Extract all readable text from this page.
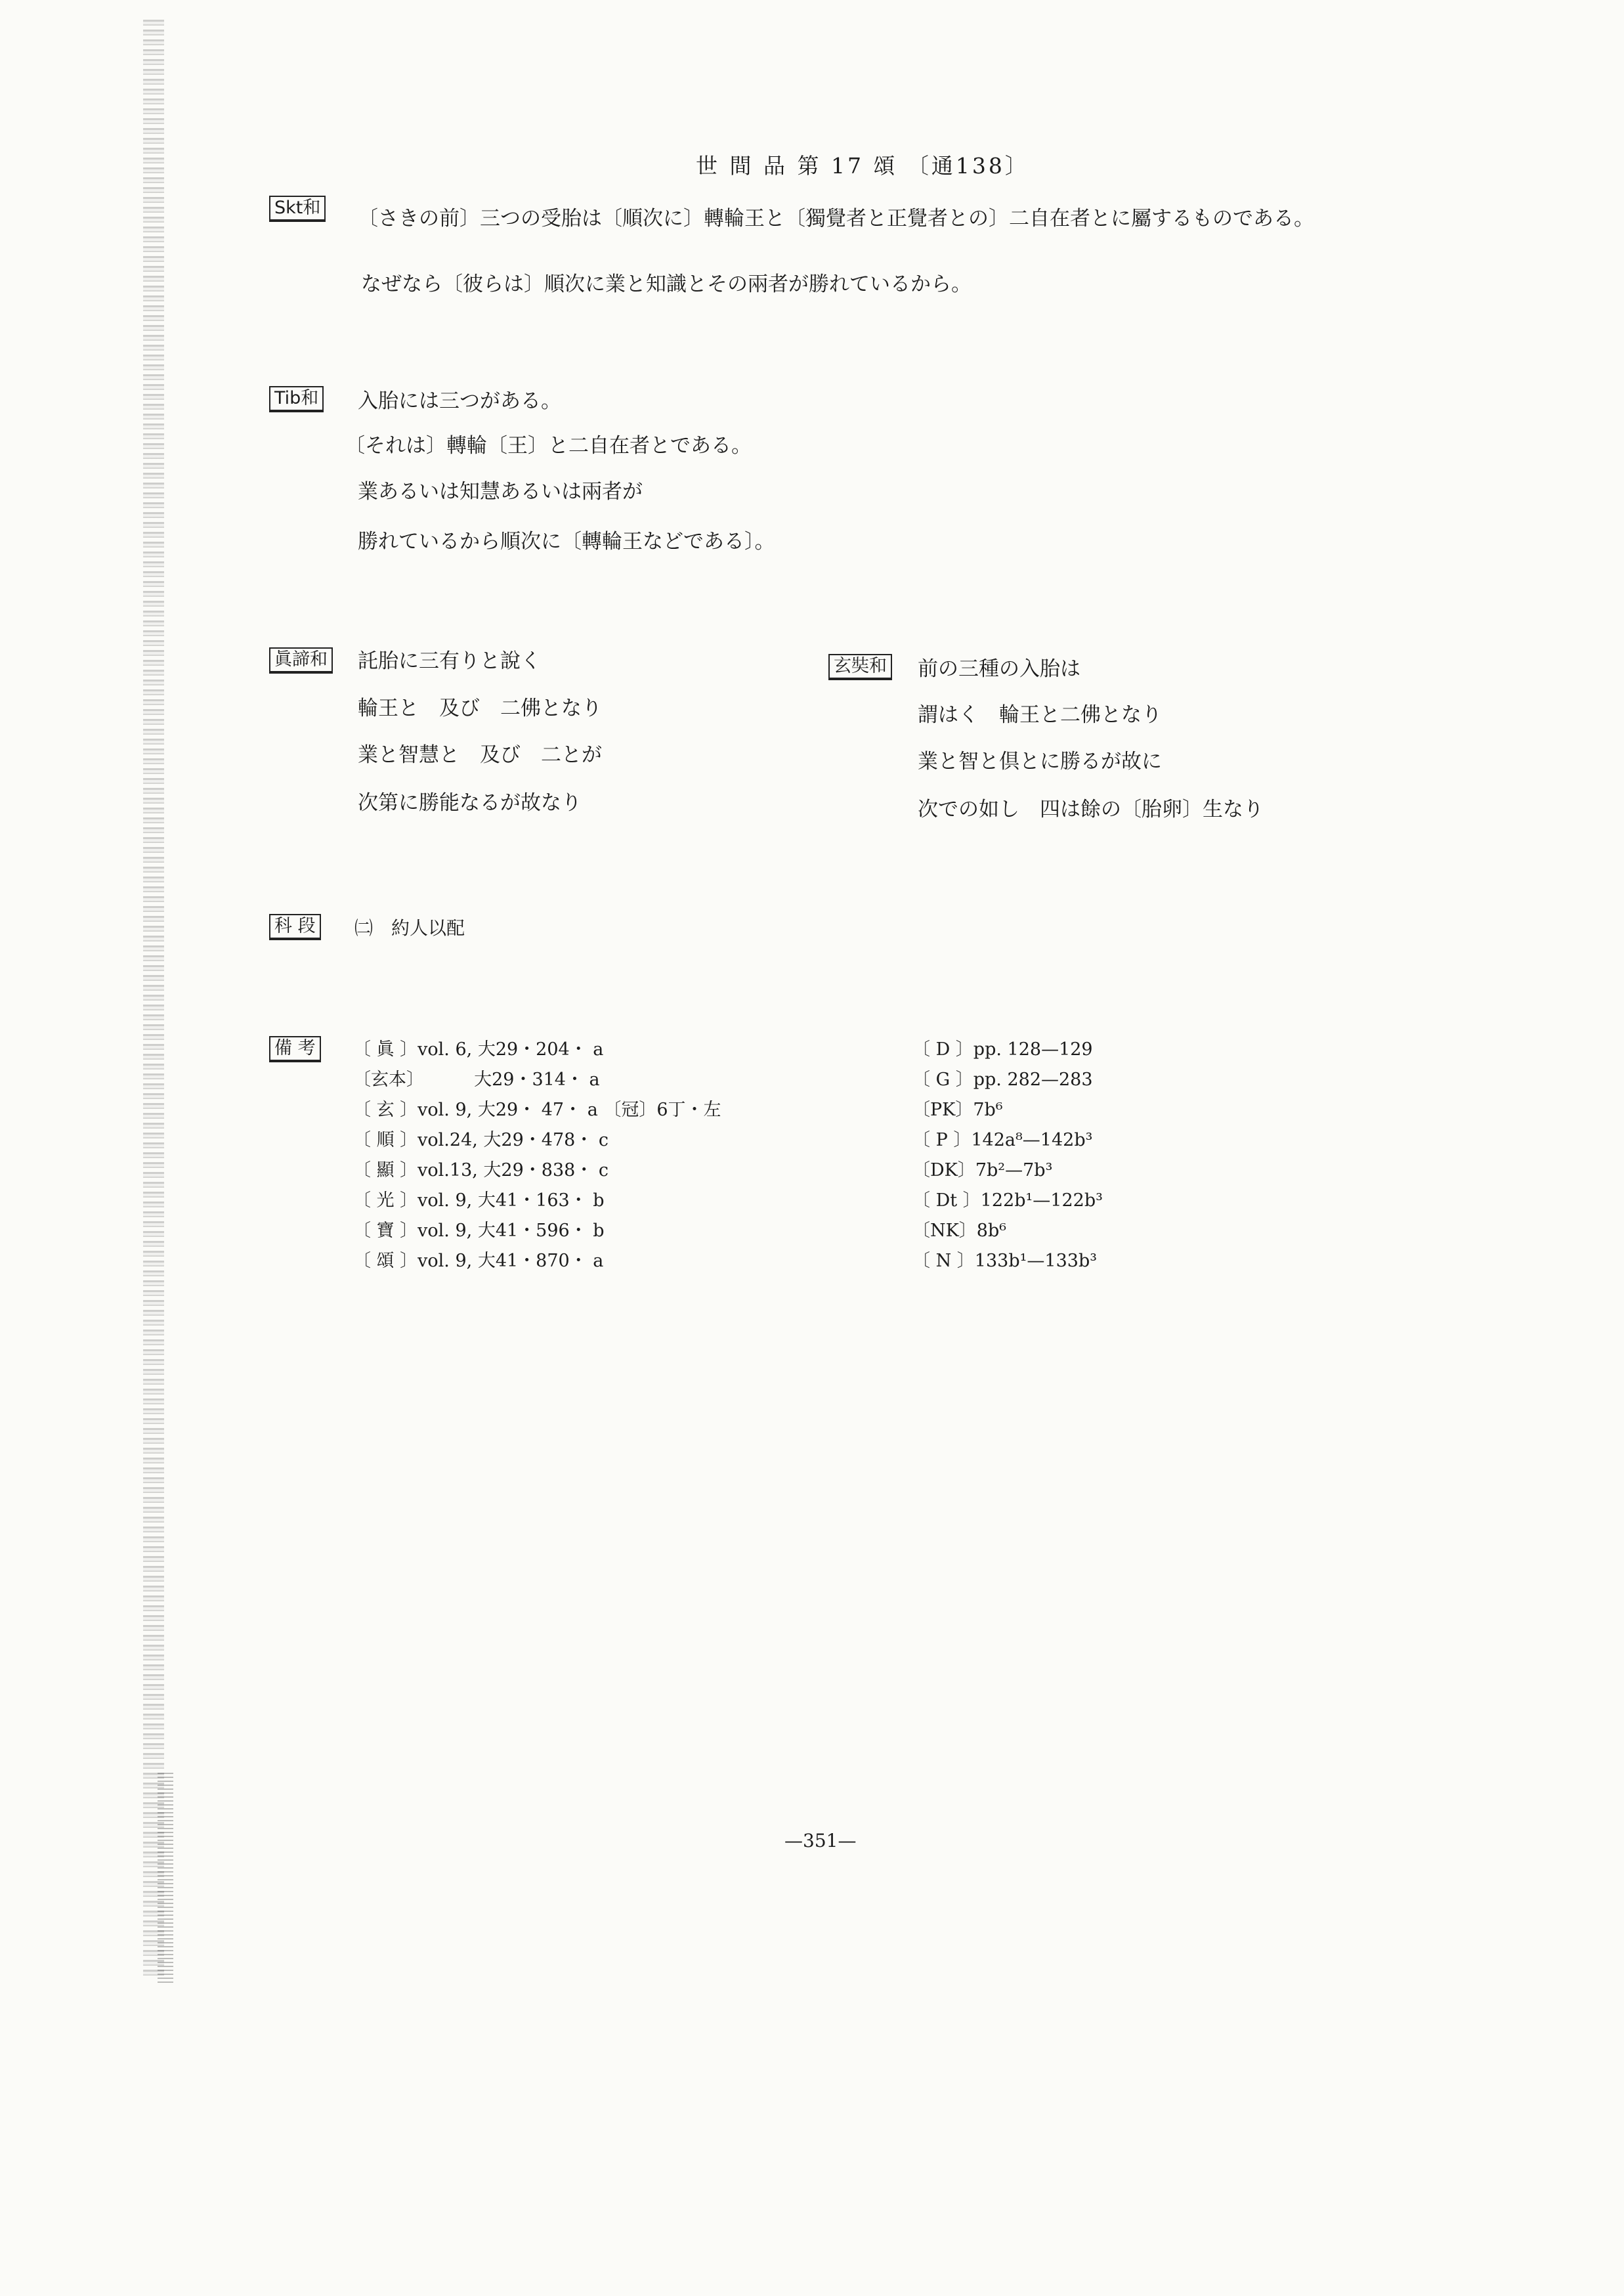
世 間 品 第 17 頌 〔通138〕
Skt和 〔さきの前〕三つの受胎は〔順次に〕轉輪王と〔獨覺者と正覺者との〕二自在者とに屬するものである。
なぜなら〔彼らは〕順次に業と知識とその兩者が勝れているから。
Tib和 入胎には三つがある。
〔それは〕轉輪〔王〕と二自在者とである。
業あるいは知慧あるいは兩者が
勝れているから順次に〔轉輪王などである〕。
眞諦和 託胎に三有りと說く
輪王と　及び　二佛となり
業と智慧と　及び　二とが
次第に勝能なるが故なり
玄奘和 前の三種の入胎は
謂はく　輪王と二佛となり
業と智と倶とに勝るが故に
次での如し　四は餘の〔胎卵〕生なり
科 段 ㈡　約人以配
備 考 〔 眞 〕vol. 6, 大29・204・ a
〔玄本〕　　　 大29・314・ a
〔 玄 〕vol. 9, 大29・ 47・ a 〔冠〕6丁・左
〔 順 〕vol.24, 大29・478・ c
〔 顯 〕vol.13, 大29・838・ c
〔 光 〕vol. 9, 大41・163・ b
〔 寶 〕vol. 9, 大41・596・ b
〔 頌 〕vol. 9, 大41・870・ a
〔 D 〕pp. 128—129
〔 G 〕pp. 282—283
〔PK〕7b⁶
〔 P 〕142a⁸—142b³
〔DK〕7b²—7b³
〔 Dt 〕122b¹—122b³
〔NK〕8b⁶
〔 N 〕133b¹—133b³
—351—
